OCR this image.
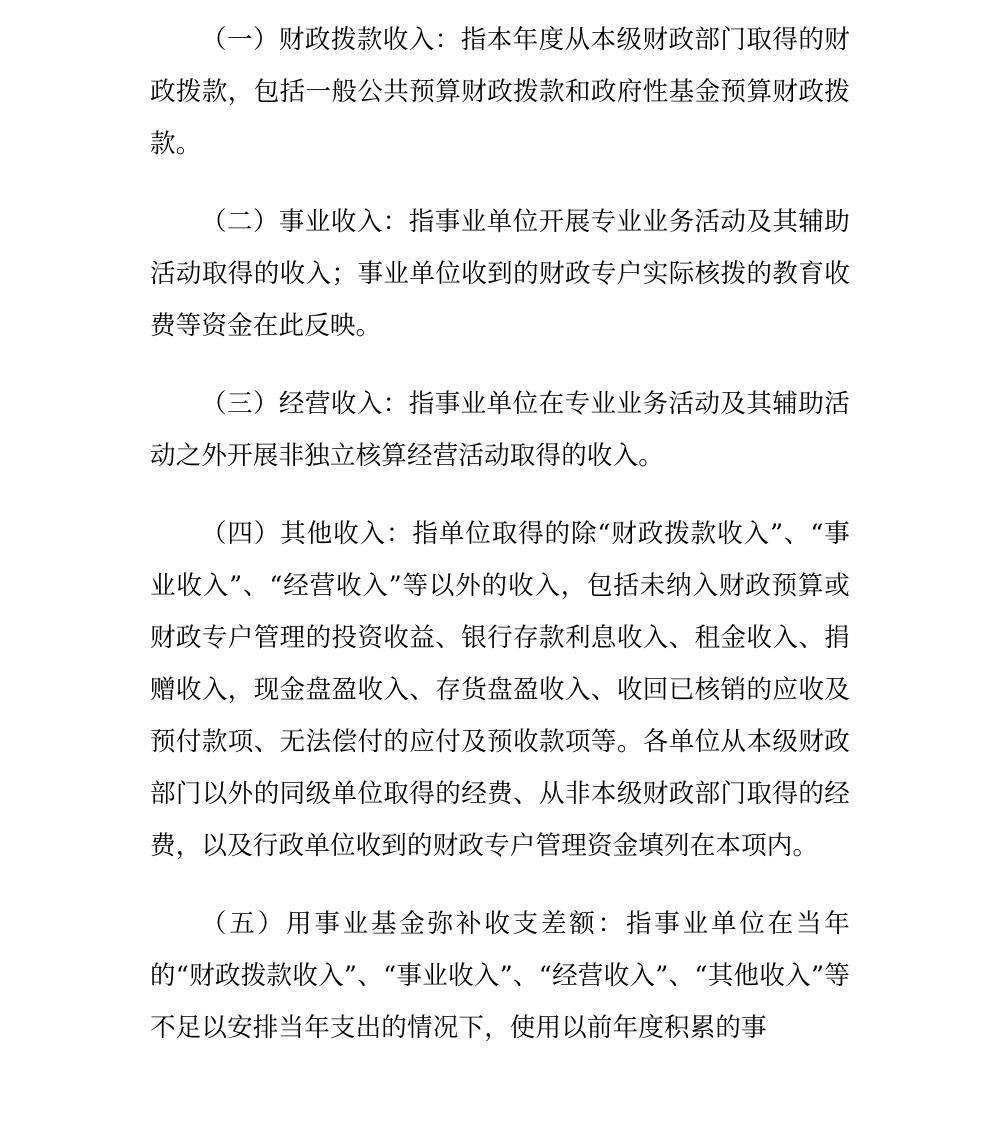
（一）财政拨款收入：指本年度从本级财政部门取得的财政拨款，包括一般公共预算财政拨款和政府性基金预算财政拨款。

（二）事业收入：指事业单位开展专业业务活动及其辅助活动取得的收入；事业单位收到的财政专户实际核拨的教育收费等资金在此反映。

（三）经营收入：指事业单位在专业业务活动及其辅助活动之外开展非独立核算经营活动取得的收入。

（四）其他收入：指单位取得的除“财政拨款收入”、“事业收入”、“经营收入”等以外的收入，包括未纳入财政预算或财政专户管理的投资收益、银行存款利息收入、租金收入、捐赠收入，现金盘盈收入、存货盘盈收入、收回已核销的应收及预付款项、无法偿付的应付及预收款项等。各单位从本级财政部门以外的同级单位取得的经费、从非本级财政部门取得的经费，以及行政单位收到的财政专户管理资金填列在本项内。

（五）用事业基金弥补收支差额：指事业单位在当年的“财政拨款收入”、“事业收入”、“经营收入”、“其他收入”等不足以安排当年支出的情况下，使用以前年度积累的事
